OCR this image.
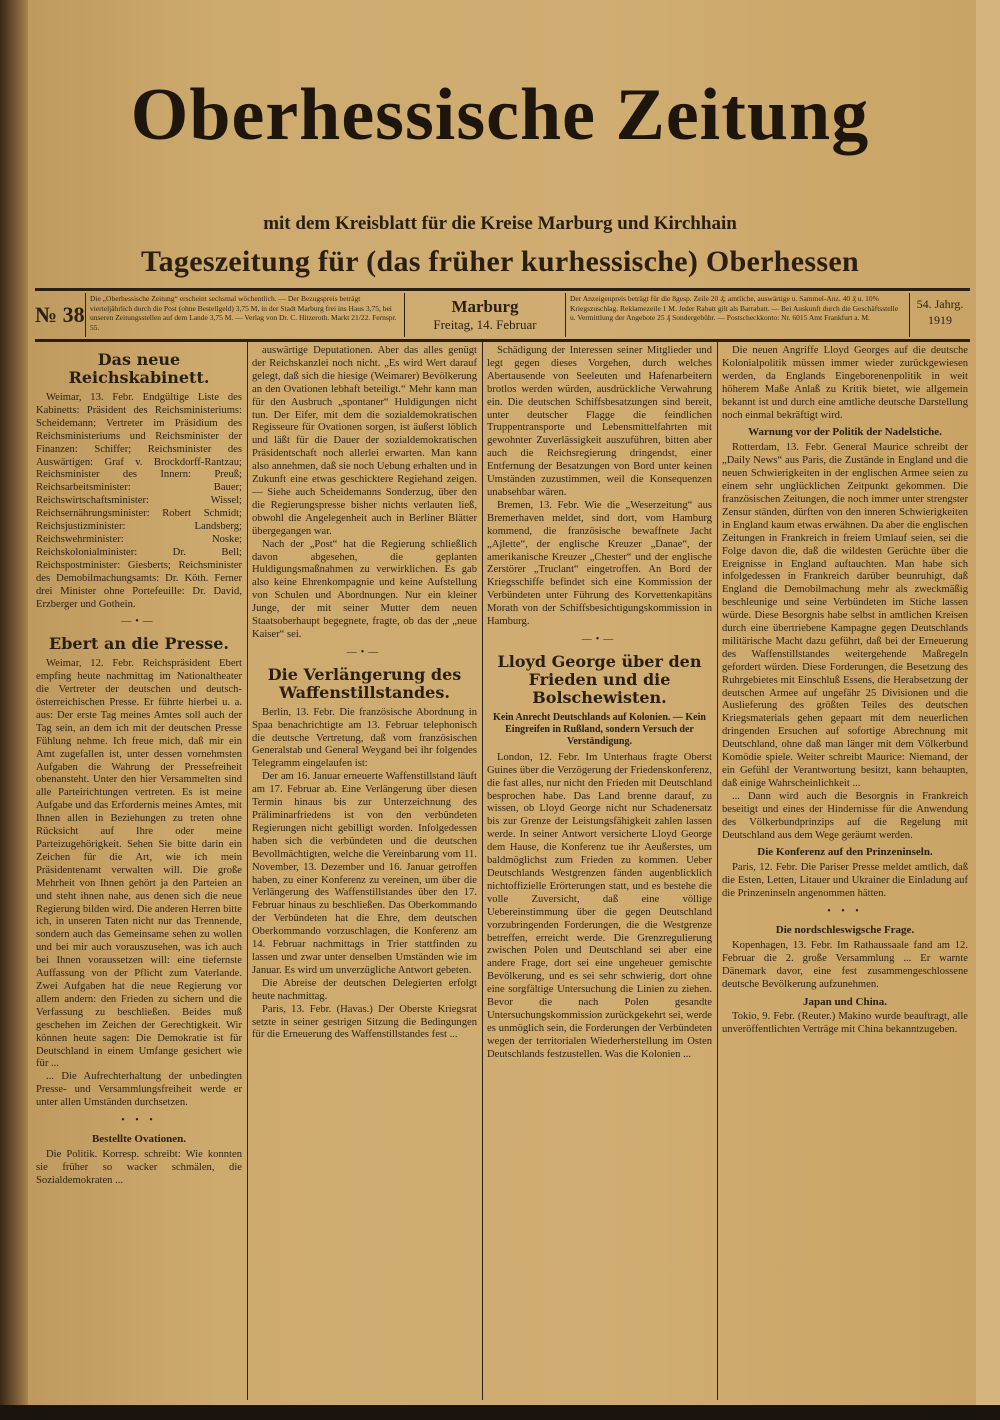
Oberhessische Zeitung
mit dem Kreisblatt für die Kreise Marburg und Kirchhain
Tageszeitung für (das früher kurhessische) Oberhessen
№ 38
Die „Oberhessische Zeitung“ erscheint sechsmal wöchentlich. — Der Bezugspreis beträgt vierteljährlich durch die Post (ohne Bestellgeld) 3,75 M, in der Stadt Marburg frei ins Haus 3,75, bei unseren Zeitungsstellen auf dem Lande 3,75 M. — Verlag von Dr. C. Hitzeroth. Markt 21/22. Fernspr. 55.
Marburg
Freitag, 14. Februar
Der Anzeigenpreis beträgt für die 8gesp. Zeile 20 ₰; amtliche, auswärtige u. Sammel-Anz. 40 ₰ u. 10% Kriegszuschlag. Reklamezeile 1 M. Jeder Rabatt gilt als Barrabatt. — Bei Auskunft durch die Geschäftsstelle u. Vermittlung der Angebote 25 ₰ Sondergebühr. — Postscheckkonto: Nr. 6015 Amt Frankfurt a. M.
54. Jahrg.
1919
Das neue Reichskabinett.

Weimar, 13. Febr. Endgültige Liste des Kabinetts: Präsident des Reichsministeriums: Scheidemann; Vertreter im Präsidium des Reichsministeriums und Reichsminister der Finanzen: Schiffer; Reichsminister des Auswärtigen: Graf v. Brockdorff-Rantzau; Reichsminister des Innern: Preuß; Reichsarbeitsminister: Bauer; Reichswirtschaftsminister: Wissel; Reichsernährungsminister: Robert Schmidt; Reichsjustizminister: Landsberg; Reichswehrminister: Noske; Reichskolonialminister: Dr. Bell; Reichspostminister: Giesberts; Reichsminister des Demobilmachungsamts: Dr. Köth. Ferner drei Minister ohne Portefeuille: Dr. David, Erzberger und Gothein.

—•—
Ebert an die Presse.

Weimar, 12. Febr. Reichspräsident Ebert empfing heute nachmittag im Nationaltheater die Vertreter der deutschen und deutsch-österreichischen Presse. Er führte hierbei u. a. aus: Der erste Tag meines Amtes soll auch der Tag sein, an dem ich mit der deutschen Presse Fühlung nehme. Ich freue mich, daß mir ein Amt zugefallen ist, unter dessen vornehmsten Aufgaben die Wahrung der Pressefreiheit obenansteht. Unter den hier Versammelten sind alle Parteirichtungen vertreten. Es ist meine Aufgabe und das Erfordernis meines Amtes, mit Ihnen allen in Beziehungen zu treten ohne Rücksicht auf Ihre oder meine Parteizugehörigkeit. Sehen Sie bitte darin ein Zeichen für die Art, wie ich mein Präsidentenamt verwalten will. Die große Mehrheit von Ihnen gehört ja den Parteien an und steht ihnen nahe, aus denen sich die neue Regierung bilden wird. Die anderen Herren bitte ich, in unseren Taten nicht nur das Trennende, sondern auch das Gemeinsame sehen zu wollen und bei mir auch vorauszusehen, was ich auch bei Ihnen voraussetzen will: eine tiefernste Auffassung von der Pflicht zum Vaterlande. Zwei Aufgaben hat die neue Regierung vor allem andern: den Frieden zu sichern und die Verfassung zu beschließen. Beides muß geschehen im Zeichen der Gerechtigkeit. Wir können heute sagen: Die Demokratie ist für Deutschland in einem Umfange gesichert wie für ...

... Die Aufrechterhaltung der unbedingten Presse- und Versammlungsfreiheit werde er unter allen Umständen durchsetzen.

• • •
Bestellte Ovationen.

Die Politik. Korresp. schreibt: Wie konnten sie früher so wacker schmälen, die Sozialdemokraten ...

auswärtige Deputationen. Aber das alles genügt der Reichskanzlei noch nicht. „Es wird Wert darauf gelegt, daß sich die hiesige (Weimarer) Bevölkerung an den Ovationen lebhaft beteiligt.“ Mehr kann man für den Ausbruch „spontaner“ Huldigungen nicht tun. Der Eifer, mit dem die sozialdemokratischen Regisseure für Ovationen sorgen, ist äußerst löblich und läßt für die Dauer der sozialdemokratischen Präsidentschaft noch allerlei erwarten. Man kann also annehmen, daß sie noch Uebung erhalten und in Zukunft eine etwas geschicktere Regiehand zeigen. — Siehe auch Scheidemanns Sonderzug, über den die Regierungspresse bisher nichts verlauten ließ, obwohl die Angelegenheit auch in Berliner Blätter übergegangen war.

Nach der „Post“ hat die Regierung schließlich davon abgesehen, die geplanten Huldigungsmaßnahmen zu verwirklichen. Es gab also keine Ehrenkompagnie und keine Aufstellung von Schulen und Abordnungen. Nur ein kleiner Junge, der mit seiner Mutter dem neuen Staatsoberhaupt begegnete, fragte, ob das der „neue Kaiser“ sei.

—•—
Die Verlängerung des Waffenstillstandes.

Berlin, 13. Febr. Die französische Abordnung in Spaa benachrichtigte am 13. Februar telephonisch die deutsche Vertretung, daß vom französischen Generalstab und General Weygand bei ihr folgendes Telegramm eingelaufen ist:

Der am 16. Januar erneuerte Waffenstillstand läuft am 17. Februar ab. Eine Verlängerung über diesen Termin hinaus bis zur Unterzeichnung des Präliminarfriedens ist von den verbündeten Regierungen nicht gebilligt worden. Infolgedessen haben sich die verbündeten und die deutschen Bevollmächtigten, welche die Vereinbarung vom 11. November, 13. Dezember und 16. Januar getroffen haben, zu einer Konferenz zu vereinen, um über die Verlängerung des Waffenstillstandes über den 17. Februar hinaus zu beschließen. Das Oberkommando der Verbündeten hat die Ehre, dem deutschen Oberkommando vorzuschlagen, die Konferenz am 14. Februar nachmittags in Trier stattfinden zu lassen und zwar unter denselben Umständen wie im Januar. Es wird um unverzügliche Antwort gebeten.

Die Abreise der deutschen Delegierten erfolgt heute nachmittag.

Paris, 13. Febr. (Havas.) Der Oberste Kriegsrat setzte in seiner gestrigen Sitzung die Bedingungen für die Erneuerung des Waffenstillstandes fest ...

Schädigung der Interessen seiner Mitglieder und legt gegen dieses Vorgehen, durch welches Abertausende von Seeleuten und Hafenarbeitern brotlos werden würden, ausdrückliche Verwahrung ein. Die deutschen Schiffsbesatzungen sind bereit, unter deutscher Flagge die feindlichen Truppentransporte und Lebensmittelfahrten mit gewohnter Zuverlässigkeit auszuführen, bitten aber auch die Reichsregierung dringendst, einer Entfernung der Besatzungen von Bord unter keinen Umständen zuzustimmen, weil die Konsequenzen unabsehbar wären.

Bremen, 13. Febr. Wie die „Weserzeitung“ aus Bremerhaven meldet, sind dort, vom Hamburg kommend, die französische bewaffnete Jacht „Ajlette“, der englische Kreuzer „Danae“, der amerikanische Kreuzer „Chester“ und der englische Zerstörer „Truclant“ eingetroffen. An Bord der Kriegsschiffe befindet sich eine Kommission der Verbündeten unter Führung des Korvettenkapitäns Morath von der Schiffsbesichtigungskommission in Hamburg.

—•—
Lloyd George über den Frieden und die Bolschewisten.
Kein Anrecht Deutschlands auf Kolonien. — Kein Eingreifen in Rußland, sondern Versuch der Verständigung.

London, 12. Febr. Im Unterhaus fragte Oberst Guines über die Verzögerung der Friedenskonferenz, die fast alles, nur nicht den Frieden mit Deutschland besprochen habe. Das Land brenne darauf, zu wissen, ob Lloyd George nicht nur Schadenersatz bis zur Grenze der Leistungsfähigkeit zahlen lassen werde. In seiner Antwort versicherte Lloyd George dem Hause, die Konferenz tue ihr Aeußerstes, um baldmöglichst zum Frieden zu kommen. Ueber Deutschlands Westgrenzen fänden augenblicklich nichtoffizielle Erörterungen statt, und es bestehe die volle Zuversicht, daß eine völlige Uebereinstimmung über die gegen Deutschland vorzubringenden Forderungen, die die Westgrenze betreffen, erreicht werde. Die Grenzregulierung zwischen Polen und Deutschland sei aber eine andere Frage, dort sei eine ungeheuer gemischte Bevölkerung, und es sei sehr schwierig, dort ohne eine sorgfältige Untersuchung die Linien zu ziehen. Bevor die nach Polen gesandte Untersuchungskommission zurückgekehrt sei, werde es unmöglich sein, die Forderungen der Verbündeten wegen der territorialen Wiederherstellung im Osten Deutschlands festzustellen. Was die Kolonien ...

Die neuen Angriffe Lloyd Georges auf die deutsche Kolonialpolitik müssen immer wieder zurückgewiesen werden, da Englands Eingeborenenpolitik in weit höherem Maße Anlaß zu Kritik bietet, wie allgemein bekannt ist und durch eine amtliche deutsche Darstellung noch einmal bekräftigt wird.

Warnung vor der Politik der Nadelstiche.

Rotterdam, 13. Febr. General Maurice schreibt der „Daily News“ aus Paris, die Zustände in England und die neuen Schwierigkeiten in der englischen Armee seien zu einem sehr unglücklichen Zeitpunkt gekommen. Die französischen Zeitungen, die noch immer unter strengster Zensur ständen, dürften von den inneren Schwierigkeiten in England kaum etwas erwähnen. Da aber die englischen Zeitungen in Frankreich in freiem Umlauf seien, sei die Folge davon die, daß die wildesten Gerüchte über die Ereignisse in England auftauchten. Man habe sich infolgedessen in Frankreich darüber beunruhigt, daß England die Demobilmachung mehr als zweckmäßig beschleunige und seine Verbündeten im Stiche lassen würde. Diese Besorgnis habe selbst in amtlichen Kreisen durch eine übertriebene Kampagne gegen Deutschlands militärische Macht dazu geführt, daß bei der Erneuerung des Waffenstillstandes weitergehende Maßregeln gefordert würden. Diese Forderungen, die Besetzung des Ruhrgebietes mit Einschluß Essens, die Herabsetzung der deutschen Armee auf ungefähr 25 Divisionen und die Auslieferung des größten Teiles des deutschen Kriegsmaterials gehen gepaart mit dem neuerlichen dringenden Ersuchen auf sofortige Abrechnung mit Deutschland, ohne daß man länger mit dem Völkerbund Komödie spiele. Weiter schreibt Maurice: Niemand, der ein Gefühl der Verantwortung besitzt, kann behaupten, daß einige Wahrscheinlichkeit ...

... Dann wird auch die Besorgnis in Frankreich beseitigt und eines der Hindernisse für die Anwendung des Völkerbundprinzips auf die Regelung mit Deutschland aus dem Wege geräumt werden.

Die Konferenz auf den Prinzeninseln.

Paris, 12. Febr. Die Pariser Presse meldet amtlich, daß die Esten, Letten, Litauer und Ukrainer die Einladung auf die Prinzeninseln angenommen hätten.

• • •
Die nordschleswigsche Frage.

Kopenhagen, 13. Febr. Im Rathaussaale fand am 12. Februar die 2. große Versammlung ... Er warnte Dänemark davor, eine fest zusammengeschlossene deutsche Bevölkerung aufzunehmen.

Japan und China.

Tokio, 9. Febr. (Reuter.) Makino wurde beauftragt, alle unveröffentlichten Verträge mit China bekanntzugeben.
